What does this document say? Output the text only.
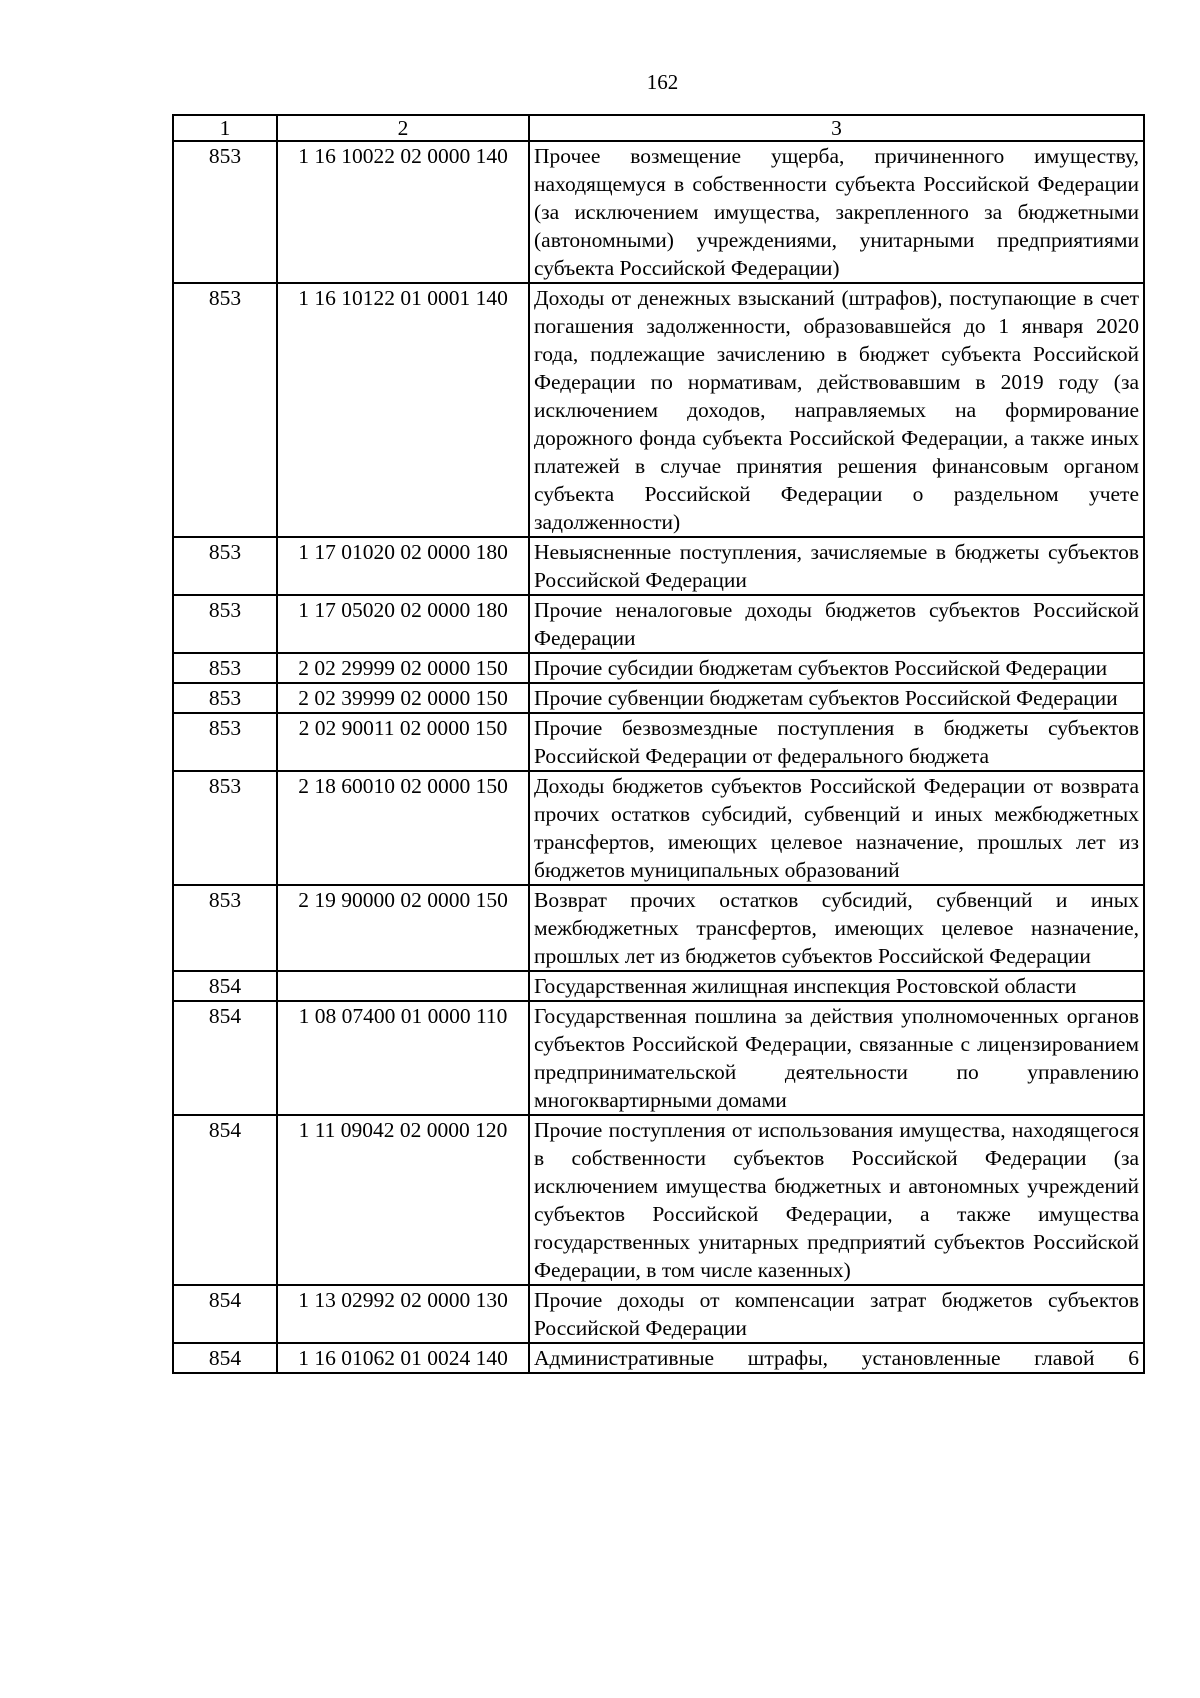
162
1	2	3
853	1 16 10022 02 0000 140	Прочее возмещение ущерба, причиненного имуществу, находящемуся в собственности субъекта Российской Федерации (за исключением имущества, закрепленного за бюджетными (автономными) учреждениями, унитарными предприятиями субъекта Российской Федерации)
853	1 16 10122 01 0001 140	Доходы от денежных взысканий (штрафов), поступающие в счет погашения задолженности, образовавшейся до 1 января 2020 года, подлежащие зачислению в бюджет субъекта Российской Федерации по нормативам, действовавшим в 2019 году (за исключением доходов, направляемых на формирование дорожного фонда субъекта Российской Федерации, а также иных платежей в случае принятия решения финансовым органом субъекта Российской Федерации о раздельном учете задолженности)
853	1 17 01020 02 0000 180	Невыясненные поступления, зачисляемые в бюджеты субъектов Российской Федерации
853	1 17 05020 02 0000 180	Прочие неналоговые доходы бюджетов субъектов Российской Федерации
853	2 02 29999 02 0000 150	Прочие субсидии бюджетам субъектов Российской Федерации
853	2 02 39999 02 0000 150	Прочие субвенции бюджетам субъектов Российской Федерации
853	2 02 90011 02 0000 150	Прочие безвозмездные поступления в бюджеты субъектов Российской Федерации от федерального бюджета
853	2 18 60010 02 0000 150	Доходы бюджетов субъектов Российской Федерации от возврата прочих остатков субсидий, субвенций и иных межбюджетных трансфертов, имеющих целевое назначение, прошлых лет из бюджетов муниципальных образований
853	2 19 90000 02 0000 150	Возврат прочих остатков субсидий, субвенций и иных межбюджетных трансфертов, имеющих целевое назначение, прошлых лет из бюджетов субъектов Российской Федерации
854		Государственная жилищная инспекция Ростовской области
854	1 08 07400 01 0000 110	Государственная пошлина за действия уполномоченных органов субъектов Российской Федерации, связанные с лицензированием предпринимательской деятельности по управлению многоквартирными домами
854	1 11 09042 02 0000 120	Прочие поступления от использования имущества, находящегося в собственности субъектов Российской Федерации (за исключением имущества бюджетных и автономных учреждений субъектов Российской Федерации, а также имущества государственных унитарных предприятий субъектов Российской Федерации, в том числе казенных)
854	1 13 02992 02 0000 130	Прочие доходы от компенсации затрат бюджетов субъектов Российской Федерации
854	1 16 01062 01 0024 140	Административные штрафы, установленные главой 6
